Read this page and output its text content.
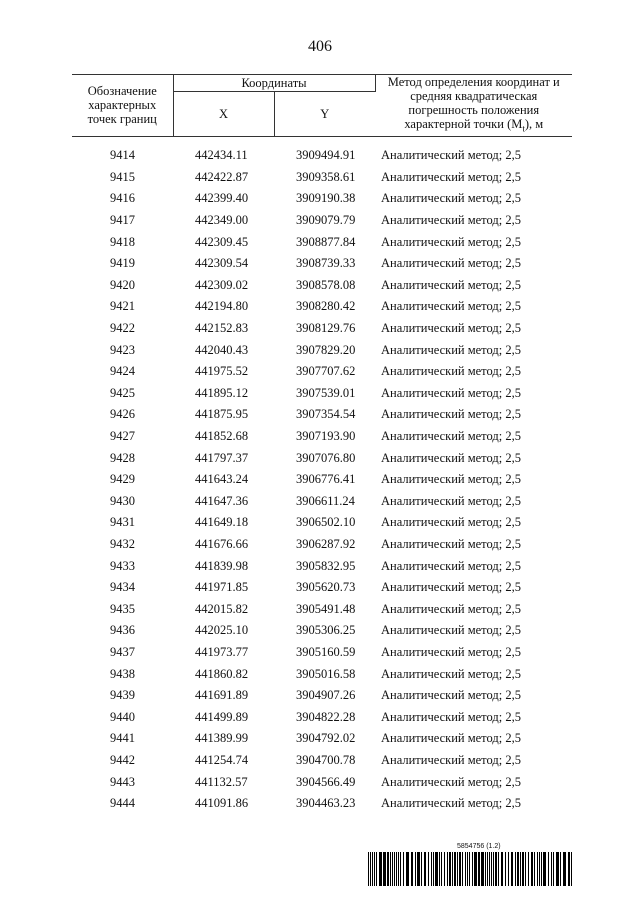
406
Обозначение характерных точек границ	Координаты		Метод определения координат и средняя квадратическая погрешность положения характерной точки $(M_t)$, м
	X	Y	

9414	442434.11	3909494.91	Аналитический метод; 2,5
9415	442422.87	3909358.61	Аналитический метод; 2,5
9416	442399.40	3909190.38	Аналитический метод; 2,5
9417	442349.00	3909079.79	Аналитический метод; 2,5
9418	442309.45	3908877.84	Аналитический метод; 2,5
9419	442309.54	3908739.33	Аналитический метод; 2,5
9420	442309.02	3908578.08	Аналитический метод; 2,5
9421	442194.80	3908280.42	Аналитический метод; 2,5
9422	442152.83	3908129.76	Аналитический метод; 2,5
9423	442040.43	3907829.20	Аналитический метод; 2,5
9424	441975.52	3907707.62	Аналитический метод; 2,5
9425	441895.12	3907539.01	Аналитический метод; 2,5
9426	441875.95	3907354.54	Аналитический метод; 2,5
9427	441852.68	3907193.90	Аналитический метод; 2,5
9428	441797.37	3907076.80	Аналитический метод; 2,5
9429	441643.24	3906776.41	Аналитический метод; 2,5
9430	441647.36	3906611.24	Аналитический метод; 2,5
9431	441649.18	3906502.10	Аналитический метод; 2,5
9432	441676.66	3906287.92	Аналитический метод; 2,5
9433	441839.98	3905832.95	Аналитический метод; 2,5
9434	441971.85	3905620.73	Аналитический метод; 2,5
9435	442015.82	3905491.48	Аналитический метод; 2,5
9436	442025.10	3905306.25	Аналитический метод; 2,5
9437	441973.77	3905160.59	Аналитический метод; 2,5
9438	441860.82	3905016.58	Аналитический метод; 2,5
9439	441691.89	3904907.26	Аналитический метод; 2,5
9440	441499.89	3904822.28	Аналитический метод; 2,5
9441	441389.99	3904792.02	Аналитический метод; 2,5
9442	441254.74	3904700.78	Аналитический метод; 2,5
9443	441132.57	3904566.49	Аналитический метод; 2,5
9444	441091.86	3904463.23	Аналитический метод; 2,5
5854756 (1.2)
